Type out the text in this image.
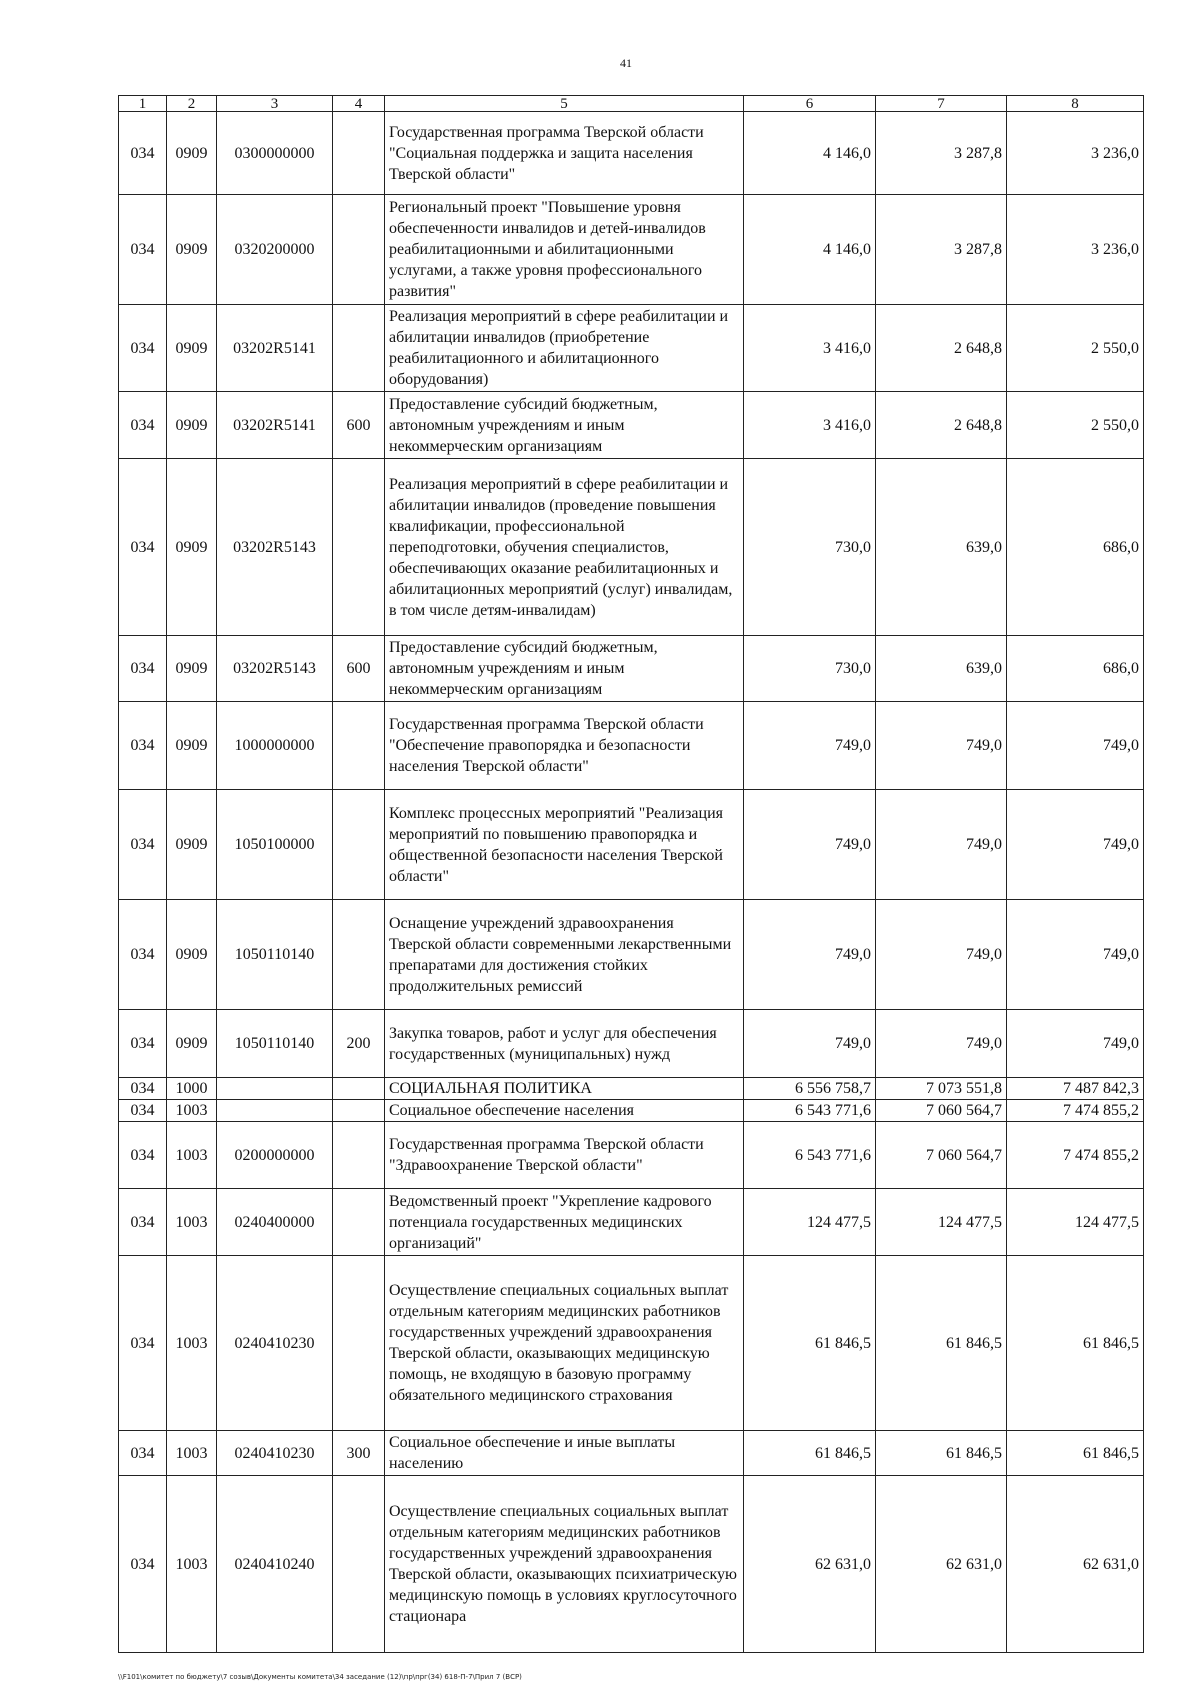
41
1	2	3	4	5	6	7	8
034	0909	0300000000		Государственная программа Тверской области "Социальная поддержка и защита населения Тверской области"	4 146,0	3 287,8	3 236,0
034	0909	0320200000		Региональный проект "Повышение уровня обеспеченности инвалидов и детей-инвалидов реабилитационными и абилитационными услугами, а также уровня профессионального развития"	4 146,0	3 287,8	3 236,0
034	0909	03202R5141		Реализация мероприятий в сфере реабилитации и абилитации инвалидов (приобретение реабилитационного и абилитационного оборудования)	3 416,0	2 648,8	2 550,0
034	0909	03202R5141	600	Предоставление субсидий бюджетным, автономным учреждениям и иным некоммерческим организациям	3 416,0	2 648,8	2 550,0
034	0909	03202R5143		Реализация мероприятий в сфере реабилитации и абилитации инвалидов (проведение повышения квалификации, профессиональной переподготовки, обучения специалистов, обеспечивающих оказание реабилитационных и абилитационных мероприятий (услуг) инвалидам, в том числе детям-инвалидам)	730,0	639,0	686,0
034	0909	03202R5143	600	Предоставление субсидий бюджетным, автономным учреждениям и иным некоммерческим организациям	730,0	639,0	686,0
034	0909	1000000000		Государственная программа Тверской области "Обеспечение правопорядка и безопасности населения Тверской области"	749,0	749,0	749,0
034	0909	1050100000		Комплекс процессных мероприятий "Реализация мероприятий по повышению правопорядка и общественной безопасности населения Тверской области"	749,0	749,0	749,0
034	0909	1050110140		Оснащение учреждений здравоохранения Тверской области современными лекарственными препаратами для достижения стойких продолжительных ремиссий	749,0	749,0	749,0
034	0909	1050110140	200	Закупка товаров, работ и услуг для обеспечения государственных (муниципальных) нужд	749,0	749,0	749,0
034	1000			СОЦИАЛЬНАЯ ПОЛИТИКА	6 556 758,7	7 073 551,8	7 487 842,3
034	1003			Социальное обеспечение населения	6 543 771,6	7 060 564,7	7 474 855,2
034	1003	0200000000		Государственная программа Тверской области "Здравоохранение Тверской области"	6 543 771,6	7 060 564,7	7 474 855,2
034	1003	0240400000		Ведомственный проект "Укрепление кадрового потенциала государственных медицинских организаций"	124 477,5	124 477,5	124 477,5
034	1003	0240410230		Осуществление специальных социальных выплат отдельным категориям медицинских работников государственных учреждений здравоохранения Тверской области, оказывающих медицинскую помощь, не входящую в базовую программу обязательного медицинского страхования	61 846,5	61 846,5	61 846,5
034	1003	0240410230	300	Социальное обеспечение и иные выплаты населению	61 846,5	61 846,5	61 846,5
034	1003	0240410240		Осуществление специальных социальных выплат отдельным категориям медицинских работников государственных учреждений здравоохранения Тверской области, оказывающих психиатрическую медицинскую помощь в условиях круглосуточного стационара	62 631,0	62 631,0	62 631,0
\\F101\комитет по бюджету\7 созыв\Документы комитета\34 заседание (12)\пр\прг(34) 618-П-7\Прил 7 (ВСР)
